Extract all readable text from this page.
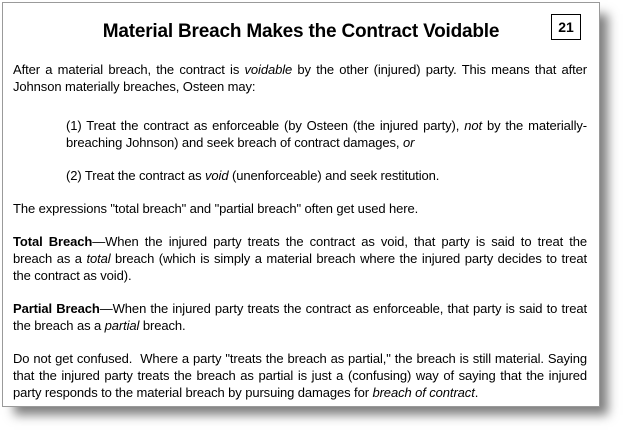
Material Breach Makes the Contract Voidable	21

After a material breach, the contract is voidable by the other (injured) party. This means that after Johnson materially breaches, Osteen may:

(1) Treat the contract as enforceable (by Osteen (the injured party), not by the materially-breaching Johnson) and seek breach of contract damages, or

(2) Treat the contract as void (unenforceable) and seek restitution.

The expressions "total breach" and "partial breach" often get used here.

Total Breach—When the injured party treats the contract as void, that party is said to treat the breach as a total breach (which is simply a material breach where the injured party decides to treat the contract as void).

Partial Breach—When the injured party treats the contract as enforceable, that party is said to treat the breach as a partial breach.

Do not get confused.  Where a party "treats the breach as partial," the breach is still material. Saying that the injured party treats the breach as partial is just a (confusing) way of saying that the injured party responds to the material breach by pursuing damages for breach of contract.
